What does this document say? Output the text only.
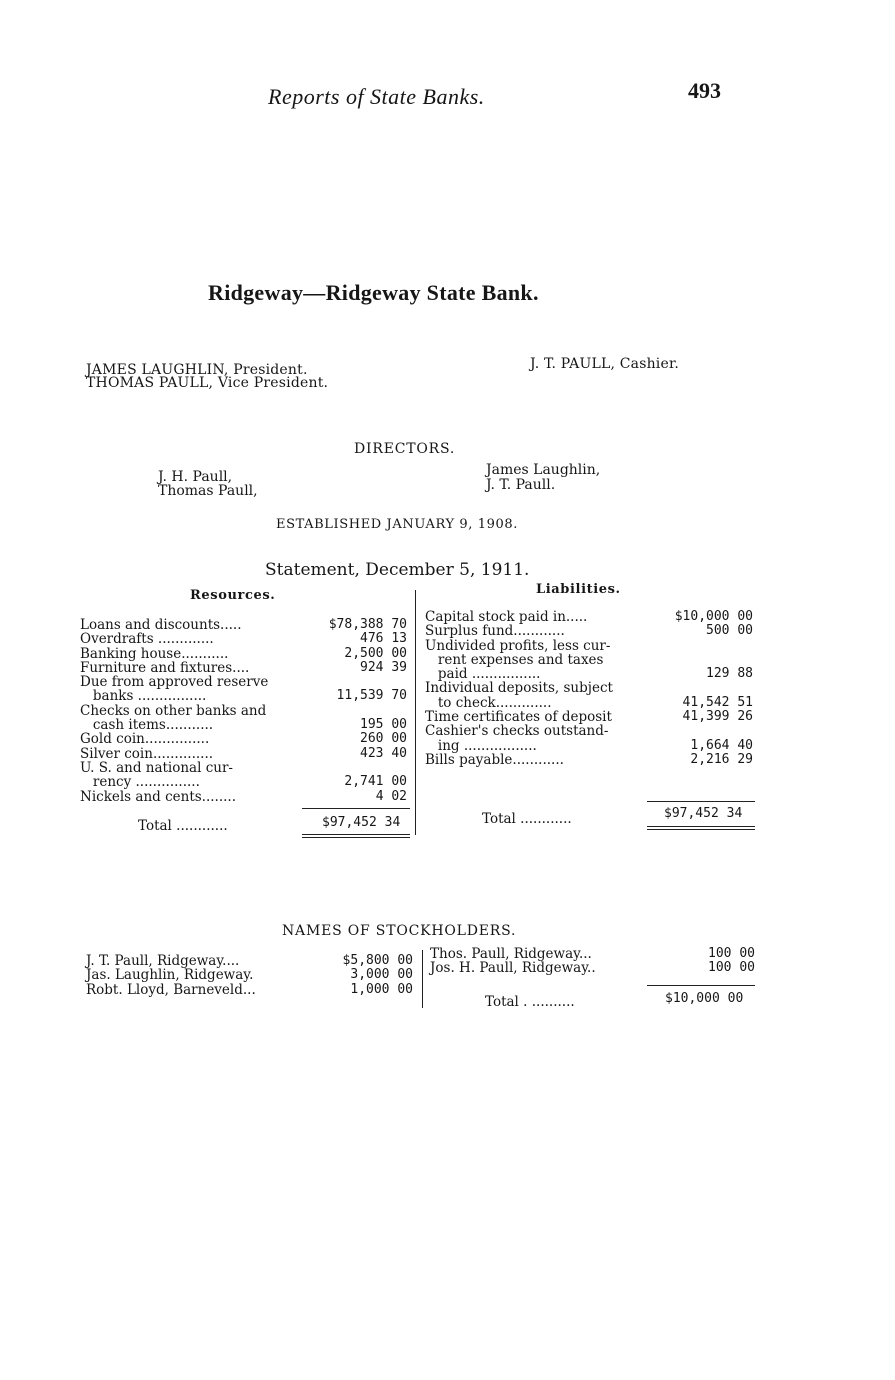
Reports of State Banks.	493
Ridgeway—Ridgeway State Bank.
JAMES LAUGHLIN, President.
THOMAS PAULL, Vice President.
J. T. PAULL, Cashier.
DIRECTORS.
J. H. Paull,
Thomas Paull,
James Laughlin,
J. T. Paull.
ESTABLISHED JANUARY 9, 1908.
Statement, December 5, 1911.
Resources.	Liabilities.
Loans and discounts.....	$78,388 70
Overdrafts .............	476 13
Banking house...........	2,500 00
Furniture and fixtures....	924 39
Due from approved reserve
banks ................	11,539 70
Checks on other banks and
cash items...........	195 00
Gold coin...............	260 00
Silver coin..............	423 40
U. S. and national cur-
rency ...............	2,741 00
Nickels and cents........	4 02
Total ............	$97,452 34
Capital stock paid in.....	$10,000 00
Surplus fund............	500 00
Undivided profits, less cur-
rent expenses and taxes
paid ................	129 88
Individual deposits, subject
to check.............	41,542 51
Time certificates of deposit	41,399 26
Cashier's checks outstand-
ing .................	1,664 40
Bills payable............	2,216 29
Total ............	$97,452 34
NAMES OF STOCKHOLDERS.
J. T. Paull, Ridgeway....	$5,800 00
Jas. Laughlin, Ridgeway.	3,000 00
Robt. Lloyd, Barneveld...	1,000 00
Thos. Paull, Ridgeway...	100 00
Jos. H. Paull, Ridgeway..	100 00
Total . ..........	$10,000 00
